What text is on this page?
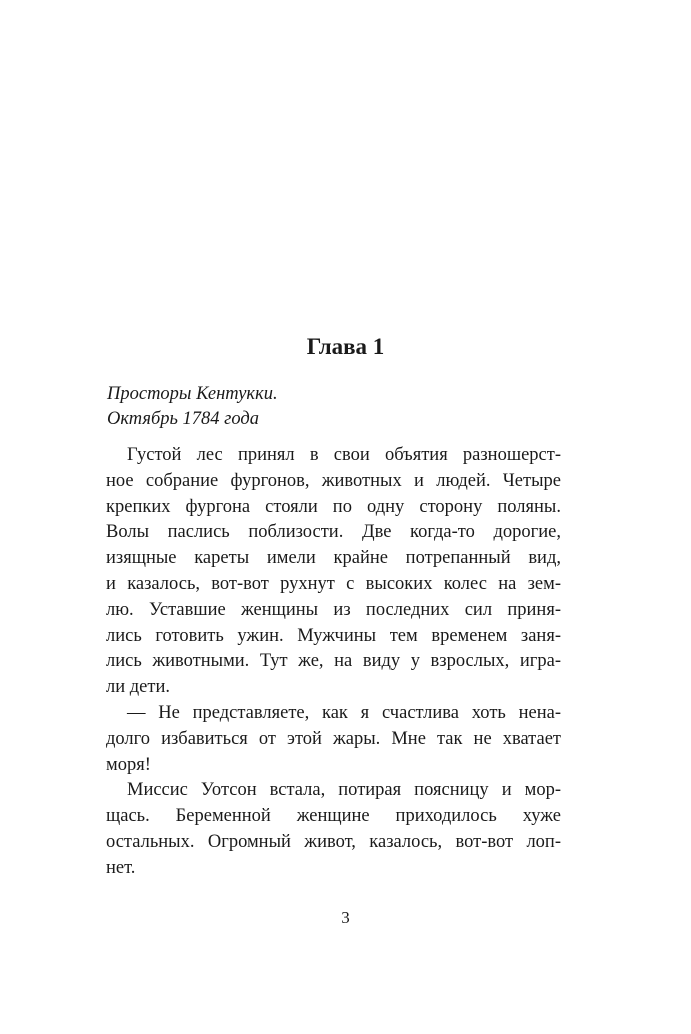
Глава 1
Просторы Кентукки.
Октябрь 1784 года
Густой лес принял в свои объятия разношерст-
ное собрание фургонов, животных и людей. Четыре
крепких фургона стояли по одну сторону поляны.
Волы паслись поблизости. Две когда-то дорогие,
изящные кареты имели крайне потрепанный вид,
и казалось, вот-вот рухнут с высоких колес на зем-
лю. Уставшие женщины из последних сил приня-
лись готовить ужин. Мужчины тем временем заня-
лись животными. Тут же, на виду у взрослых, игра-
ли дети.
— Не представляете, как я счастлива хоть нена-
долго избавиться от этой жары. Мне так не хватает
моря!
Миссис Уотсон встала, потирая поясницу и мор-
щась. Беременной женщине приходилось хуже
остальных. Огромный живот, казалось, вот-вот лоп-
нет.
3
